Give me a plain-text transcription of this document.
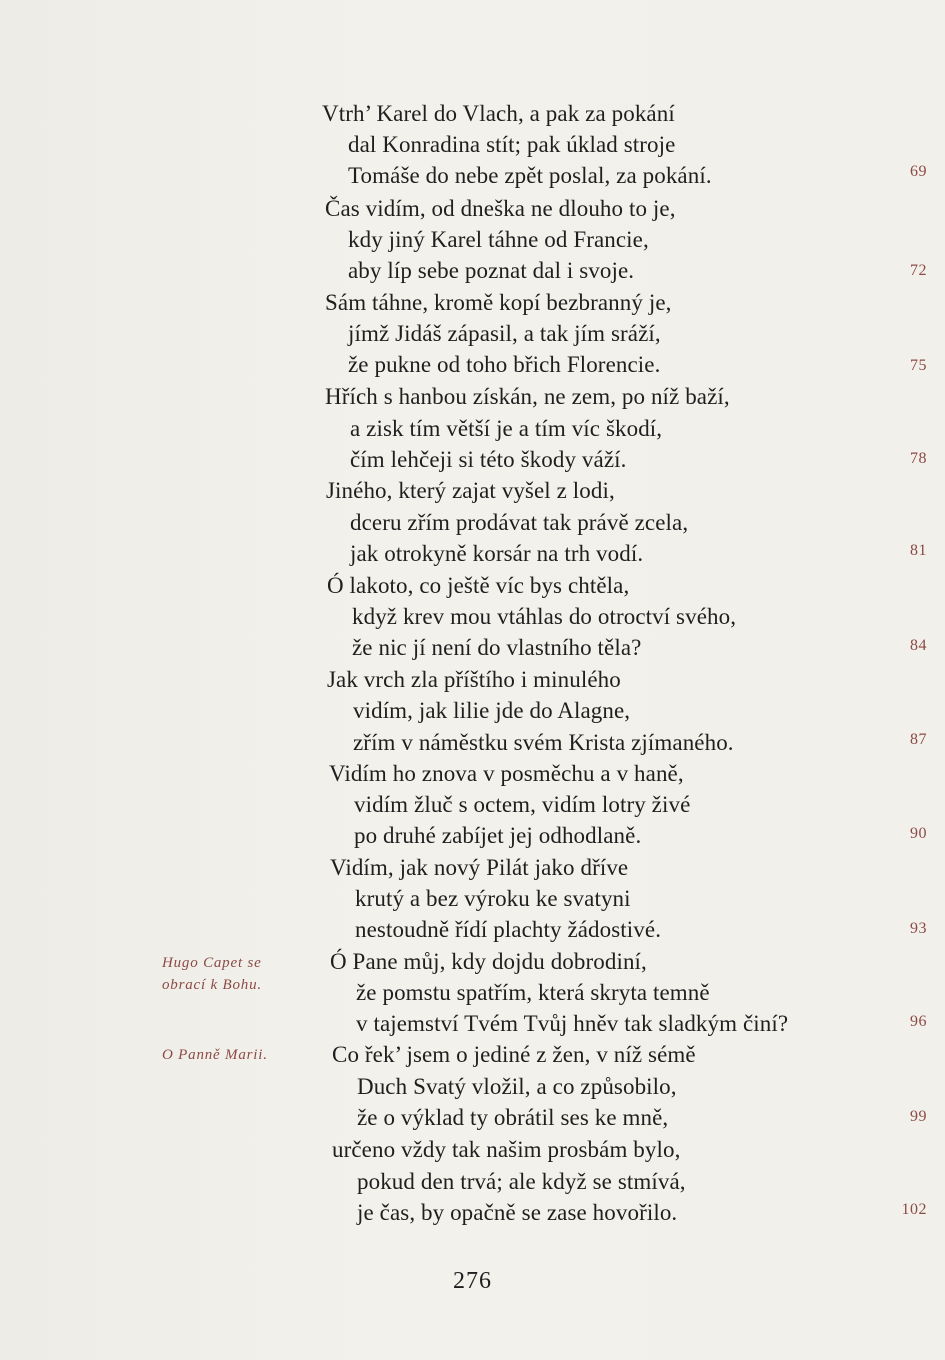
Vtrh’ Karel do Vlach, a pak za pokání
dal Konradina stít; pak úklad stroje
Tomáše do nebe zpět poslal, za pokání.
Čas vidím, od dneška ne dlouho to je,
kdy jiný Karel táhne od Francie,
aby líp sebe poznat dal i svoje.
Sám táhne, kromě kopí bezbranný je,
jímž Jidáš zápasil, a tak jím sráží,
že pukne od toho břich Florencie.
Hřích s hanbou získán, ne zem, po níž baží,
a zisk tím větší je a tím víc škodí,
čím lehčeji si této škody váží.
Jiného, který zajat vyšel z lodi,
dceru zřím prodávat tak právě zcela,
jak otrokyně korsár na trh vodí.
Ó lakoto, co ještě víc bys chtěla,
když krev mou vtáhlas do otroctví svého,
že nic jí není do vlastního těla?
Jak vrch zla příštího i minulého
vidím, jak lilie jde do Alagne,
zřím v náměstku svém Krista zjímaného.
Vidím ho znova v posměchu a v haně,
vidím žluč s octem, vidím lotry živé
po druhé zabíjet jej odhodlaně.
Vidím, jak nový Pilát jako dříve
krutý a bez výroku ke svatyni
nestoudně řídí plachty žádostivé.
Ó Pane můj, kdy dojdu dobrodiní,
že pomstu spatřím, která skryta temně
v tajemství Tvém Tvůj hněv tak sladkým činí?
Co řek’ jsem o jediné z žen, v níž sémě
Duch Svatý vložil, a co způsobilo,
že o výklad ty obrátil ses ke mně,
určeno vždy tak našim prosbám bylo,
pokud den trvá; ale když se stmívá,
je čas, by opačně se zase hovořilo.
69
72
75
78
81
84
87
90
93
96
99
102
Hugo Capet se
obrací k Bohu.
O Panně Marii.
276
